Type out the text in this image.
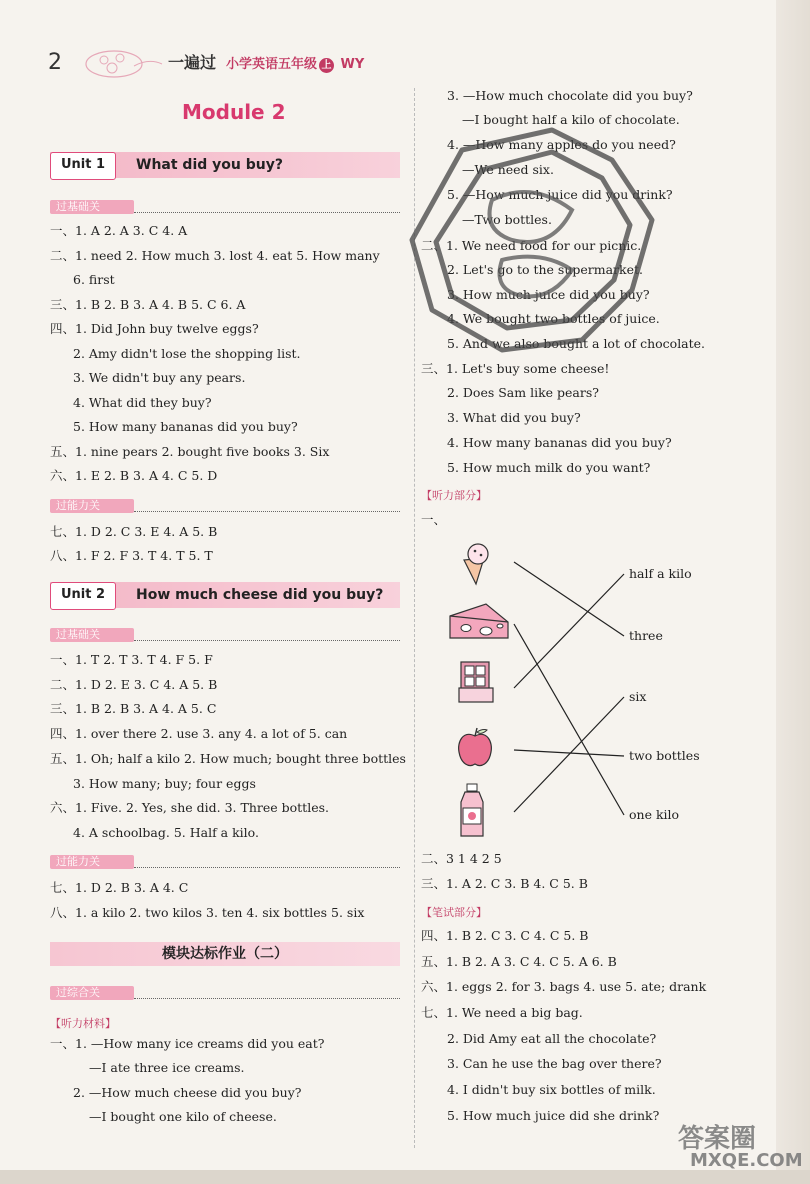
2	一遍过 小学英语五年级 上 WY
Module 2
Unit 1	What did you buy?
过基础关
一、1. A 2. A 3. C 4. A
二、1. need 2. How much 3. lost 4. eat 5. How many
6. first
三、1. B 2. B 3. A 4. B 5. C 6. A
四、1. Did John buy twelve eggs?
2. Amy didn't lose the shopping list.
3. We didn't buy any pears.
4. What did they buy?
5. How many bananas did you buy?
五、1. nine pears 2. bought five books 3. Six
六、1. E 2. B 3. A 4. C 5. D
过能力关
七、1. D 2. C 3. E 4. A 5. B
八、1. F 2. F 3. T 4. T 5. T
Unit 2	How much cheese did you buy?
过基础关
一、1. T 2. T 3. T 4. F 5. F
二、1. D 2. E 3. C 4. A 5. B
三、1. B 2. B 3. A 4. A 5. C
四、1. over there 2. use 3. any 4. a lot of 5. can
五、1. Oh; half a kilo 2. How much; bought three bottles
3. How many; buy; four eggs
六、1. Five. 2. Yes, she did. 3. Three bottles.
4. A schoolbag. 5. Half a kilo.
过能力关
七、1. D 2. B 3. A 4. C
八、1. a kilo 2. two kilos 3. ten 4. six bottles 5. six
模块达标作业（二）
过综合关
【听力材料】
一、1. —How many ice creams did you eat?
—I ate three ice creams.
2. —How much cheese did you buy?
—I bought one kilo of cheese.
3. —How much chocolate did you buy?
—I bought half a kilo of chocolate.
4. —How many apples do you need?
—We need six.
5. —How much juice did you drink?
—Two bottles.
二、1. We need food for our picnic.
2. Let's go to the supermarket.
3. How much juice did you buy?
4. We bought two bottles of juice.
5. And we also bought a lot of chocolate.
三、1. Let's buy some cheese!
2. Does Sam like pears?
3. What did you buy?
4. How many bananas did you buy?
5. How much milk do you want?
【听力部分】
一、
half a kilo
three
six
two bottles
one kilo
二、3 1 4 2 5
三、1. A 2. C 3. B 4. C 5. B
【笔试部分】
四、1. B 2. C 3. C 4. C 5. B
五、1. B 2. A 3. C 4. C 5. A 6. B
六、1. eggs 2. for 3. bags 4. use 5. ate; drank
七、1. We need a big bag.
2. Did Amy eat all the chocolate?
3. Can he use the bag over there?
4. I didn't buy six bottles of milk.
5. How much juice did she drink?
答案圈
MXQE.COM
